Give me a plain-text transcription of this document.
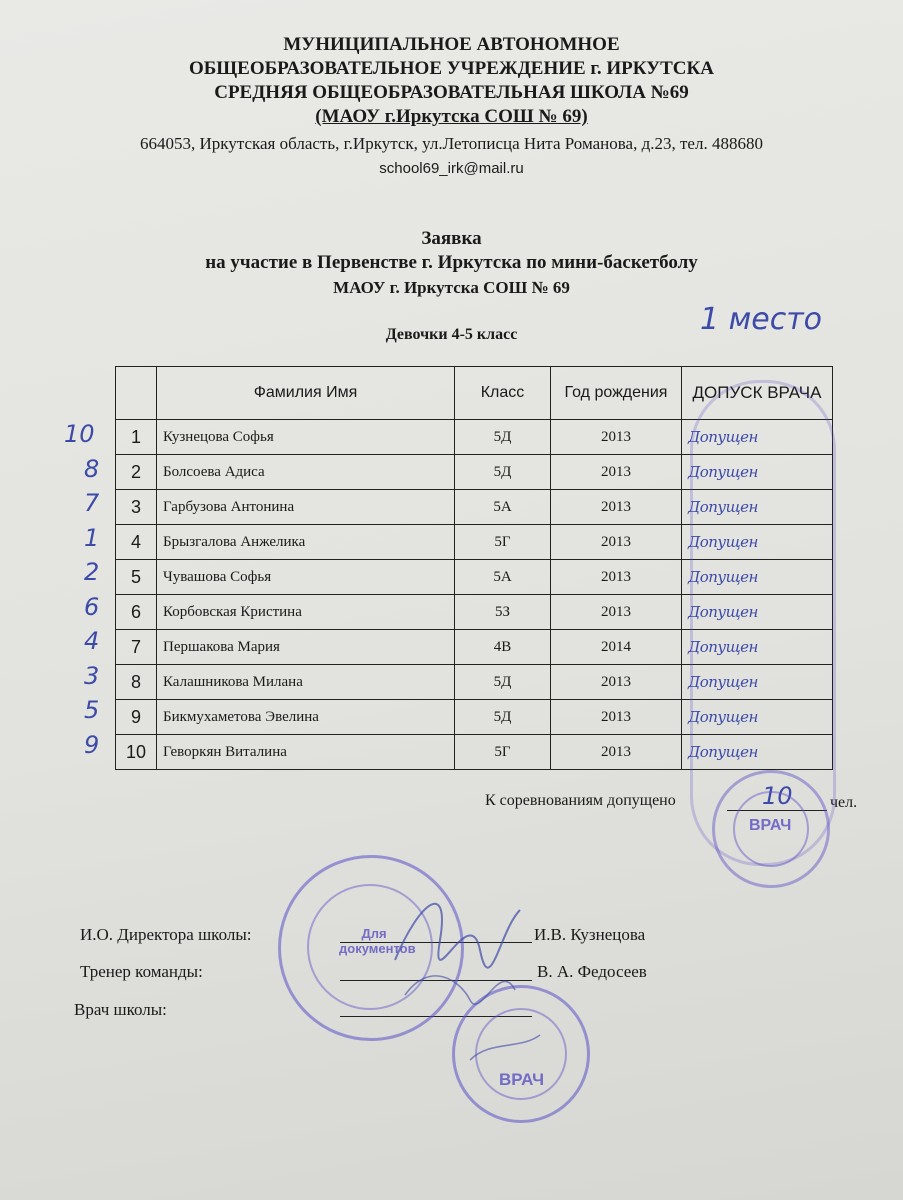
МУНИЦИПАЛЬНОЕ АВТОНОМНОЕ
ОБЩЕОБРАЗОВАТЕЛЬНОЕ УЧРЕЖДЕНИЕ г. ИРКУТСКА
СРЕДНЯЯ ОБЩЕОБРАЗОВАТЕЛЬНАЯ ШКОЛА №69
(МАОУ г.Иркутска СОШ № 69)
664053, Иркутская область, г.Иркутск, ул.Летописца Нита Романова, д.23, тел. 488680
school69_irk@mail.ru
Заявка
на участие в Первенстве г. Иркутска по мини-баскетболу
МАОУ г. Иркутска СОШ № 69
Девочки 4-5 класс	1 место
10
8
7
1
2
6
4
3
5
9
	Фамилия Имя	Класс	Год рождения	ДОПУСК ВРАЧА
1	Кузнецова Софья	5Д	2013	Допущен
2	Болсоева Адиса	5Д	2013	Допущен
3	Гарбузова Антонина	5А	2013	Допущен
4	Брызгалова Анжелика	5Г	2013	Допущен
5	Чувашова Софья	5А	2013	Допущен
6	Корбовская Кристина	5З	2013	Допущен
7	Першакова Мария	4В	2014	Допущен
8	Калашникова Милана	5Д	2013	Допущен
9	Бикмухаметова Эвелина	5Д	2013	Допущен
10	Геворкян Виталина	5Г	2013	Допущен
К соревнованиям допущено	10 чел.
ВРАЧ
И.О. Директора школы:	И.В. Кузнецова
Тренер команды:	В. А. Федосеев
Врач школы:
Для документов
ВРАЧ
